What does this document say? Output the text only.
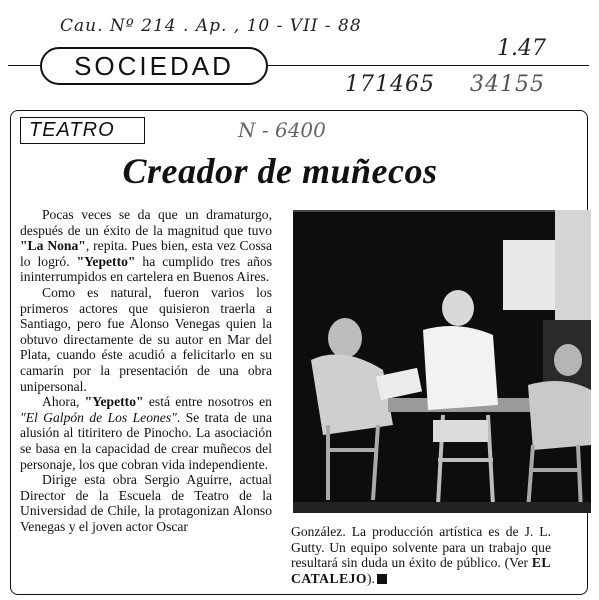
Cau. Nº 214 . Ap. , 10 - VII - 88
1.47
171465 34155
N - 6400
SOCIEDAD
TEATRO
Creador de muñecos

Pocas veces se da que un dramaturgo, después de un éxito de la magnitud que tuvo "La Nona", repita. Pues bien, esta vez Cossa lo logró. "Yepetto" ha cumplido tres años ininterrumpidos en cartelera en Buenos Aires.

Como es natural, fueron varios los primeros actores que quisieron traerla a Santiago, pero fue Alonso Venegas quien la obtuvo directamente de su autor en Mar del Plata, cuando éste acudió a felicitarlo en su camarín por la presentación de una obra unipersonal.

Ahora, "Yepetto" está entre nosotros en "El Galpón de Los Leones". Se trata de una alusión al titiritero de Pinocho. La asociación se basa en la capacidad de crear muñecos del personaje, los que cobran vida independiente.

Dirige esta obra Sergio Aguirre, actual Director de la Escuela de Teatro de la Universidad de Chile, la protagonizan Alonso Venegas y el joven actor Oscar	González. La producción artística es de J. L. Gutty. Un equipo solvente para un trabajo que resultará sin duda un éxito de público. (Ver EL CATALEJO).
